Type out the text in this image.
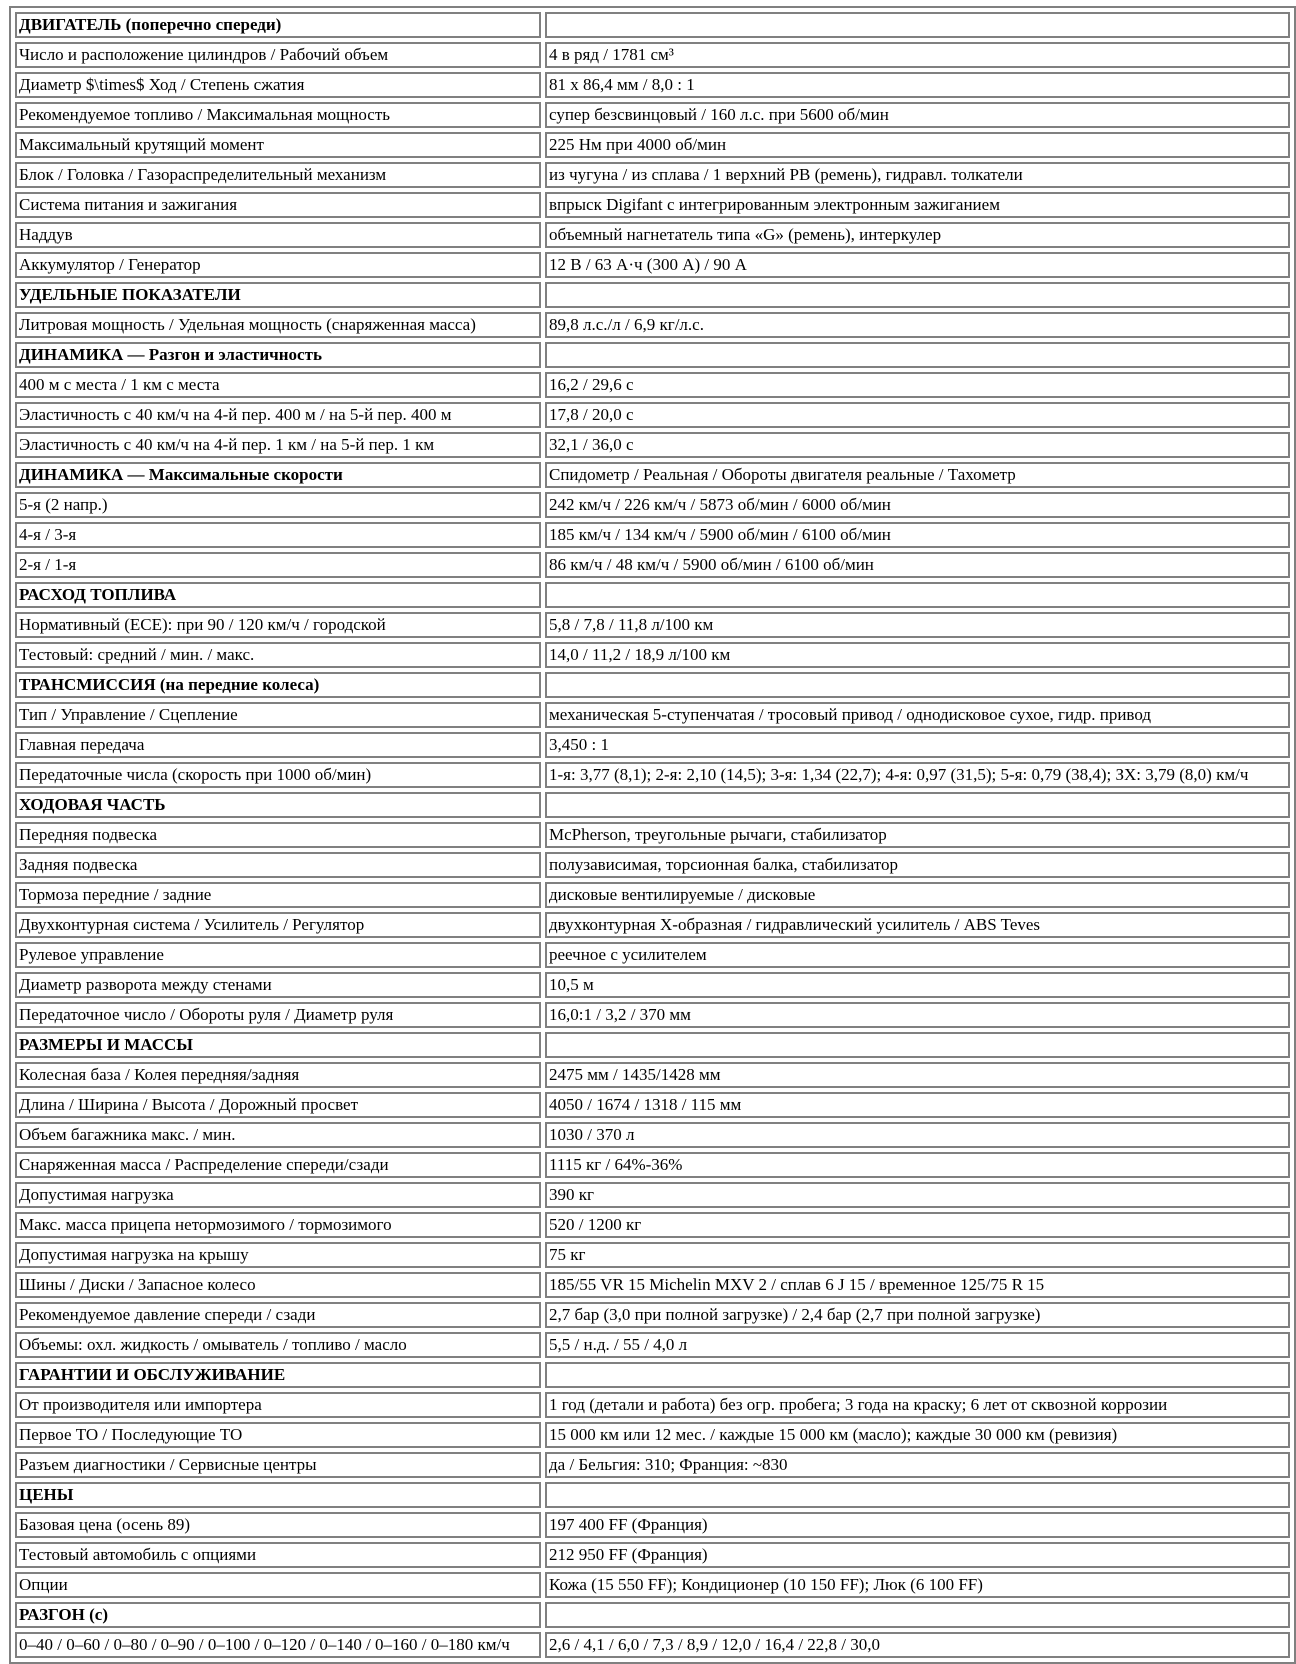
ДВИГАТЕЛЬ (поперечно спереди)	
Число и расположение цилиндров / Рабочий объем	4 в ряд / 1781 см³
Диаметр $\times$ Ход / Степень сжатия	81 x 86,4 мм / 8,0 : 1
Рекомендуемое топливо / Максимальная мощность	супер безсвинцовый / 160 л.с. при 5600 об/мин
Максимальный крутящий момент	225 Нм при 4000 об/мин
Блок / Головка / Газораспределительный механизм	из чугуна / из сплава / 1 верхний РВ (ремень), гидравл. толкатели
Система питания и зажигания	впрыск Digifant с интегрированным электронным зажиганием
Наддув	объемный нагнетатель типа «G» (ремень), интеркулер
Аккумулятор / Генератор	12 В / 63 А·ч (300 А) / 90 А
УДЕЛЬНЫЕ ПОКАЗАТЕЛИ	
Литровая мощность / Удельная мощность (снаряженная масса)	89,8 л.с./л / 6,9 кг/л.с.
ДИНАМИКА — Разгон и эластичность	
400 м с места / 1 км с места	16,2 / 29,6 с
Эластичность с 40 км/ч на 4-й пер. 400 м / на 5-й пер. 400 м	17,8 / 20,0 с
Эластичность с 40 км/ч на 4-й пер. 1 км / на 5-й пер. 1 км	32,1 / 36,0 с
ДИНАМИКА — Максимальные скорости	Спидометр / Реальная / Обороты двигателя реальные / Тахометр
5-я (2 напр.)	242 км/ч / 226 км/ч / 5873 об/мин / 6000 об/мин
4-я / 3-я	185 км/ч / 134 км/ч / 5900 об/мин / 6100 об/мин
2-я / 1-я	86 км/ч / 48 км/ч / 5900 об/мин / 6100 об/мин
РАСХОД ТОПЛИВА	
Нормативный (ECE): при 90 / 120 км/ч / городской	5,8 / 7,8 / 11,8 л/100 км
Тестовый: средний / мин. / макс.	14,0 / 11,2 / 18,9 л/100 км
ТРАНСМИССИЯ (на передние колеса)	
Тип / Управление / Сцепление	механическая 5-ступенчатая / тросовый привод / однодисковое сухое, гидр. привод
Главная передача	3,450 : 1
Передаточные числа (скорость при 1000 об/мин)	1-я: 3,77 (8,1); 2-я: 2,10 (14,5); 3-я: 1,34 (22,7); 4-я: 0,97 (31,5); 5-я: 0,79 (38,4); ЗХ: 3,79 (8,0) км/ч
ХОДОВАЯ ЧАСТЬ	
Передняя подвеска	McPherson, треугольные рычаги, стабилизатор
Задняя подвеска	полузависимая, торсионная балка, стабилизатор
Тормоза передние / задние	дисковые вентилируемые / дисковые
Двухконтурная система / Усилитель / Регулятор	двухконтурная X-образная / гидравлический усилитель / ABS Teves
Рулевое управление	реечное с усилителем
Диаметр разворота между стенами	10,5 м
Передаточное число / Обороты руля / Диаметр руля	16,0:1 / 3,2 / 370 мм
РАЗМЕРЫ И МАССЫ	
Колесная база / Колея передняя/задняя	2475 мм / 1435/1428 мм
Длина / Ширина / Высота / Дорожный просвет	4050 / 1674 / 1318 / 115 мм
Объем багажника макс. / мин.	1030 / 370 л
Снаряженная масса / Распределение спереди/сзади	1115 кг / 64%-36%
Допустимая нагрузка	390 кг
Макс. масса прицепа нетормозимого / тормозимого	520 / 1200 кг
Допустимая нагрузка на крышу	75 кг
Шины / Диски / Запасное колесо	185/55 VR 15 Michelin MXV 2 / сплав 6 J 15 / временное 125/75 R 15
Рекомендуемое давление спереди / сзади	2,7 бар (3,0 при полной загрузке) / 2,4 бар (2,7 при полной загрузке)
Объемы: охл. жидкость / омыватель / топливо / масло	5,5 / н.д. / 55 / 4,0 л
ГАРАНТИИ И ОБСЛУЖИВАНИЕ	
От производителя или импортера	1 год (детали и работа) без огр. пробега; 3 года на краску; 6 лет от сквозной коррозии
Первое ТО / Последующие ТО	15 000 км или 12 мес. / каждые 15 000 км (масло); каждые 30 000 км (ревизия)
Разъем диагностики / Сервисные центры	да / Бельгия: 310; Франция: ~830
ЦЕНЫ	
Базовая цена (осень 89)	197 400 FF (Франция)
Тестовый автомобиль с опциями	212 950 FF (Франция)
Опции	Кожа (15 550 FF); Кондиционер (10 150 FF); Люк (6 100 FF)
РАЗГОН (с)	
0–40 / 0–60 / 0–80 / 0–90 / 0–100 / 0–120 / 0–140 / 0–160 / 0–180 км/ч	2,6 / 4,1 / 6,0 / 7,3 / 8,9 / 12,0 / 16,4 / 22,8 / 30,0
